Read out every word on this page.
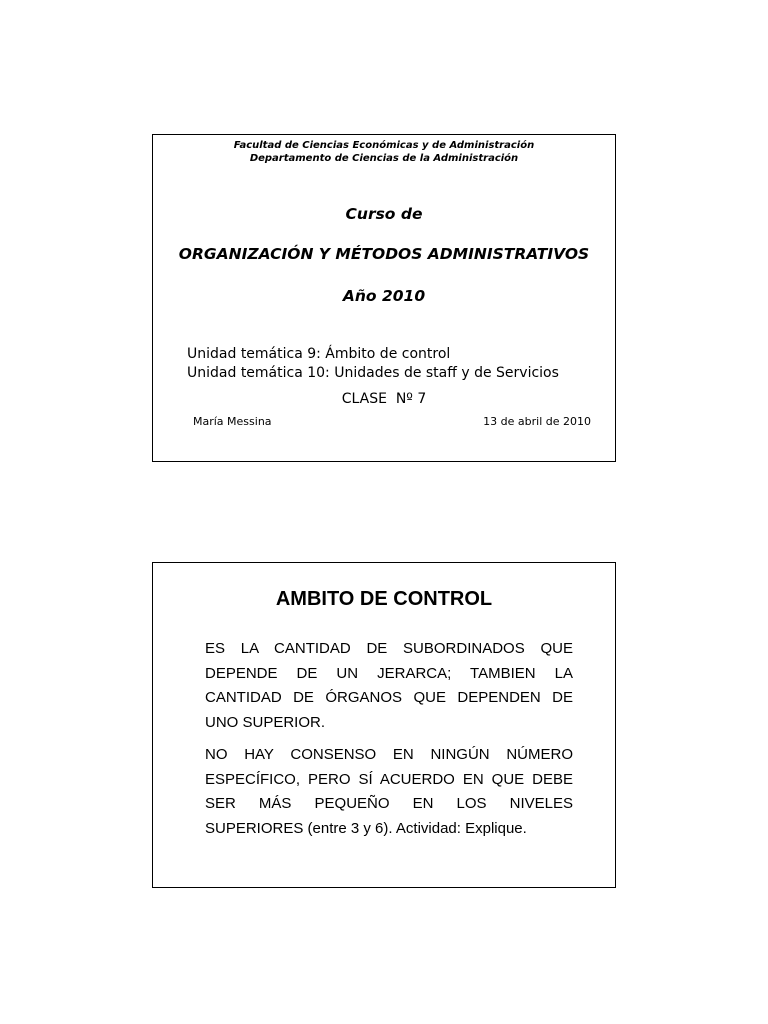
Facultad de Ciencias Económicas y de Administración
Departamento de Ciencias de la Administración
Curso de
ORGANIZACIÓN Y MÉTODOS ADMINISTRATIVOS
Año 2010
Unidad temática 9: Ámbito de control
Unidad temática 10: Unidades de staff y de Servicios
CLASE  Nº 7
María Messina	13 de abril de 2010
AMBITO DE CONTROL

ES LA CANTIDAD DE SUBORDINADOS QUE DEPENDE DE UN JERARCA; TAMBIEN LA CANTIDAD DE ÓRGANOS QUE DEPENDEN DE UNO SUPERIOR.

NO HAY CONSENSO EN NINGÚN NÚMERO ESPECÍFICO, PERO SÍ ACUERDO EN QUE DEBE SER MÁS PEQUEÑO EN LOS NIVELES SUPERIORES (entre 3 y 6). Actividad: Explique.
